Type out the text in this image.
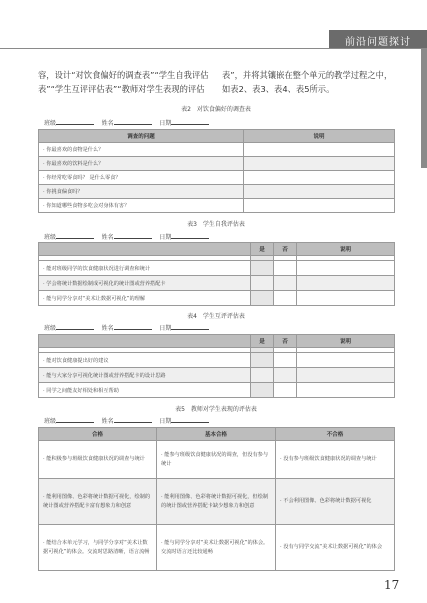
前沿问题探讨
容，设计“对饮食偏好的调查表”“学生自我评估表”“学生互评评估表”“教师对学生表现的评估
表”，并将其镶嵌在整个单元的教学过程之中，如表2、表3、表4、表5所示。
表2　对饮食偏好的调查表
班级	姓名	日期
调查的问题	说明
· 你最喜欢的食物是什么？	
· 你最喜欢的饮料是什么？	
· 你经常吃零食吗？ 是什么零食？	
· 你挑食偏食吗？	
· 你知道哪些食物多吃会对身体有害？	
表3　学生自我评估表
班级	姓名	日期
	是	否	说明

· 能对班级同学的饮食健康状况进行调查和统计			
· 学会将统计数据绘制成可视化的统计图或营养搭配卡			
· 能与同学分享对“美术让数据可视化”的理解			
表4　学生互评评估表
班级	姓名	日期
	是	否	说明

· 能对饮食健康提出好的建议			
· 能与大家分享可视化统计图或营养搭配卡的设计思路			
· 同学之间能友好相处和相互帮助			
表5　教师对学生表现的评估表
班级	姓名	日期
合格	基本合格	不合格
· 能积极参与班级饮食健康状况的调查与统计	· 能参与班级饮食健康状况的调查，但没有参与统计	· 没有参与班级饮食健康状况的调查与统计
· 能利用图像、色彩将统计数据可视化，绘制的统计图或营养搭配卡富有想象力和创意	· 能利用图像、色彩将统计数据可视化，但绘制的统计图或营养搭配卡缺少想象力和创意	· 不会利用图像、色彩将统计数据可视化
· 能结合本单元学习，与同学分享对“美术让数据可视化”的体会。交流时思路清晰，语言流畅	· 能与同学分享对“美术让数据可视化”的体会。交流时语言还比较通畅	· 没有与同学交流“美术让数据可视化”的体会
17
